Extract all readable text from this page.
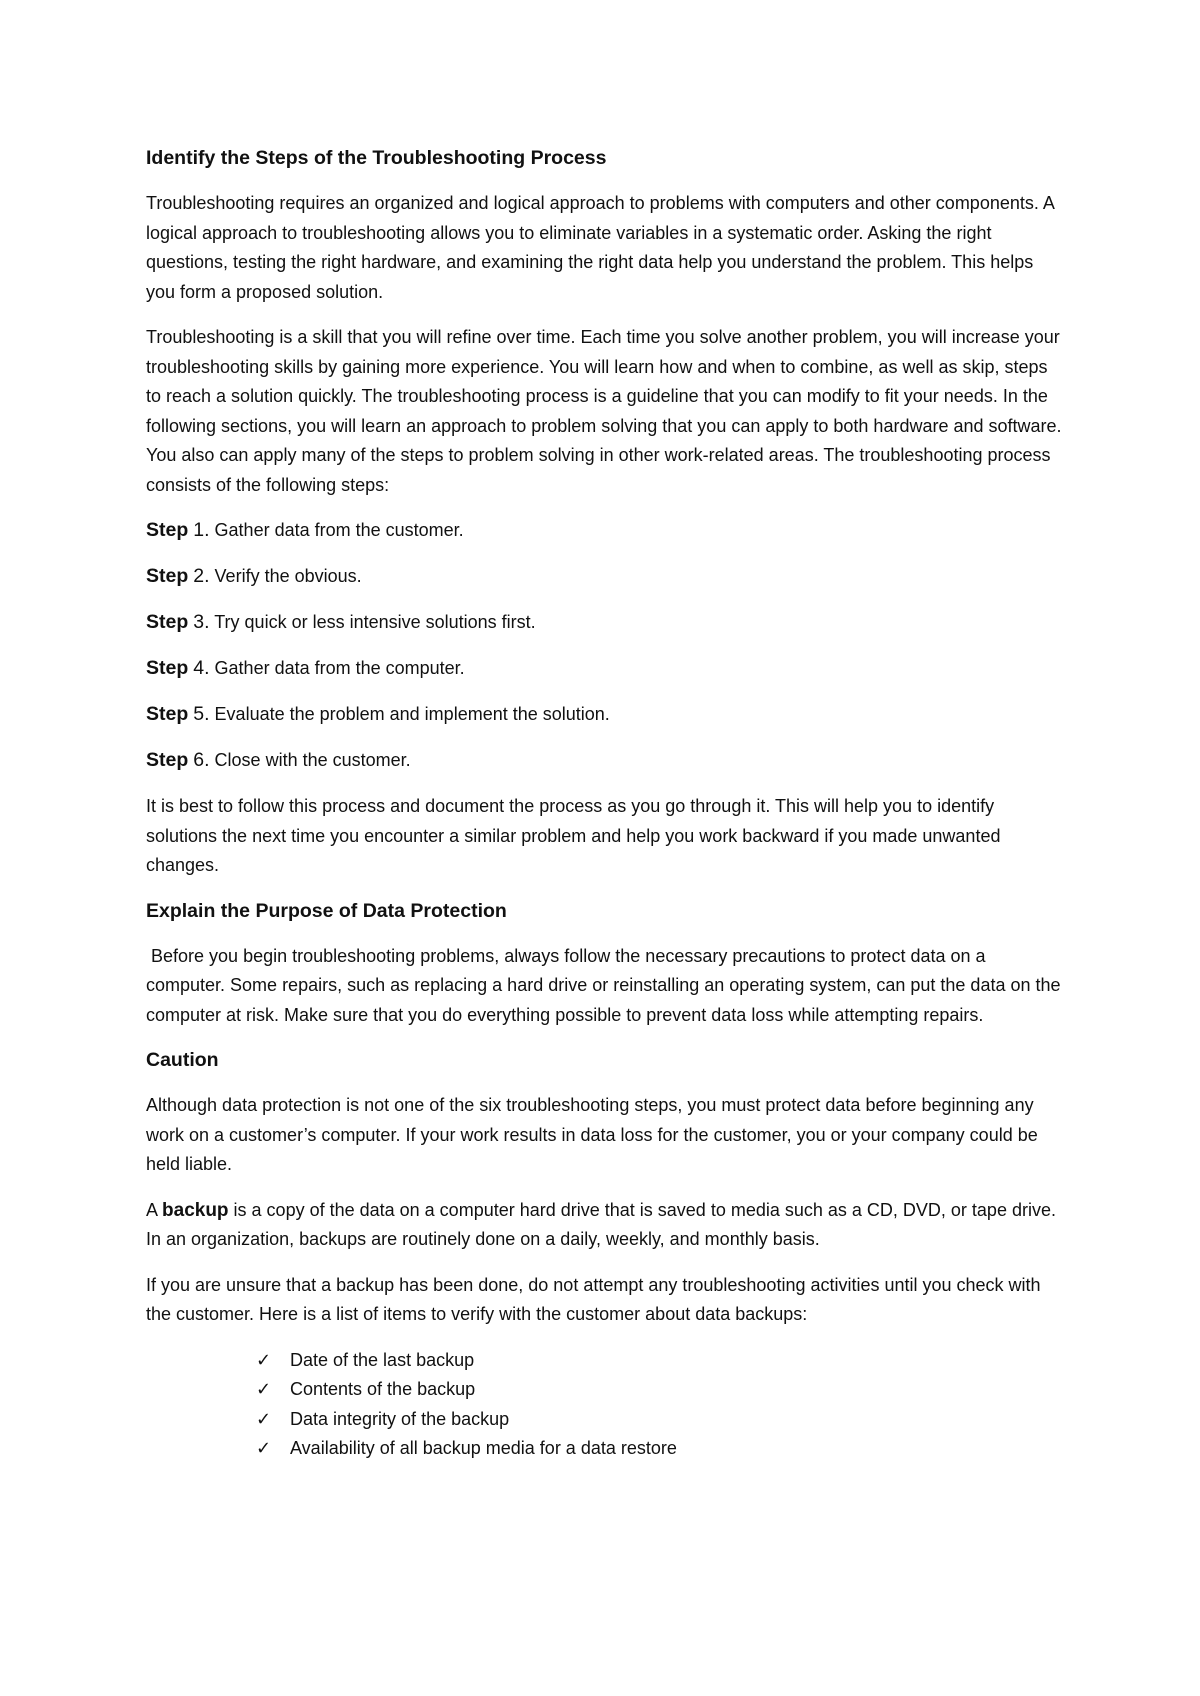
Identify the Steps of the Troubleshooting Process

Troubleshooting requires an organized and logical approach to problems with computers and other components. A logical approach to troubleshooting allows you to eliminate variables in a systematic order. Asking the right questions, testing the right hardware, and examining the right data help you understand the problem. This helps you form a proposed solution.

Troubleshooting is a skill that you will refine over time. Each time you solve another problem, you will increase your troubleshooting skills by gaining more experience. You will learn how and when to combine, as well as skip, steps to reach a solution quickly. The troubleshooting process is a guideline that you can modify to fit your needs. In the following sections, you will learn an approach to problem solving that you can apply to both hardware and software. You also can apply many of the steps to problem solving in other work-related areas. The troubleshooting process consists of the following steps:

Step 1. Gather data from the customer.
Step 2. Verify the obvious.
Step 3. Try quick or less intensive solutions first.
Step 4. Gather data from the computer.
Step 5. Evaluate the problem and implement the solution.
Step 6. Close with the customer.

It is best to follow this process and document the process as you go through it. This will help you to identify solutions the next time you encounter a similar problem and help you work backward if you made unwanted changes.

Explain the Purpose of Data Protection

Before you begin troubleshooting problems, always follow the necessary precautions to protect data on a computer. Some repairs, such as replacing a hard drive or reinstalling an operating system, can put the data on the computer at risk. Make sure that you do everything possible to prevent data loss while attempting repairs.

Caution

Although data protection is not one of the six troubleshooting steps, you must protect data before beginning any work on a customer’s computer. If your work results in data loss for the customer, you or your company could be held liable.

A backup is a copy of the data on a computer hard drive that is saved to media such as a CD, DVD, or tape drive. In an organization, backups are routinely done on a daily, weekly, and monthly basis.

If you are unsure that a backup has been done, do not attempt any troubleshooting activities until you check with the customer. Here is a list of items to verify with the customer about data backups:

✓	Date of the last backup
✓	Contents of the backup
✓	Data integrity of the backup
✓	Availability of all backup media for a data restore
